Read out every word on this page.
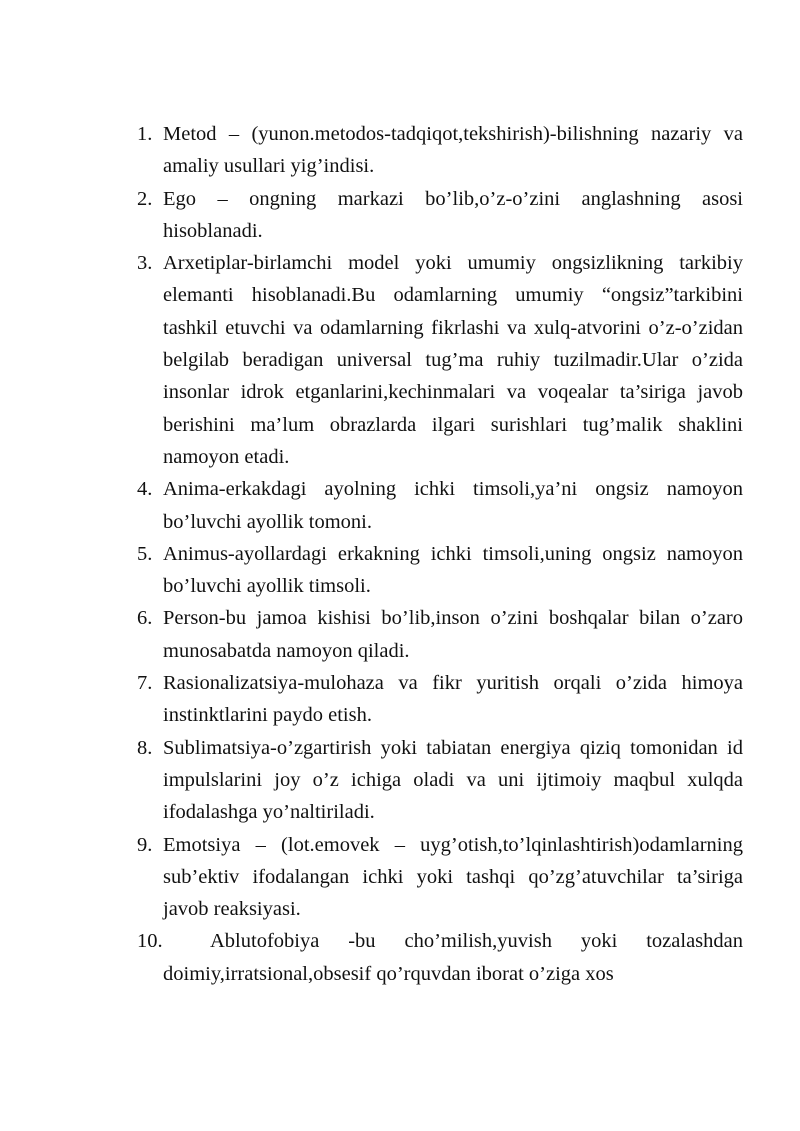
1. Metod – (yunon.metodos-tadqiqot,tekshirish)-bilishning nazariy va amaliy usullari yig’indisi.
2. Ego – ongning markazi bo’lib,o’z-o’zini anglashning asosi hisoblanadi.
3. Arxetiplar-birlamchi model yoki umumiy ongsizlikning tarkibiy elemanti hisoblanadi.Bu odamlarning umumiy “ongsiz”tarkibini tashkil etuvchi va odamlarning fikrlashi va xulq-atvorini o’z-o’zidan belgilab beradigan universal tug’ma ruhiy tuzilmadir.Ular o’zida insonlar idrok etganlarini,kechinmalari va voqealar ta’siriga javob berishini ma’lum obrazlarda ilgari surishlari tug’malik shaklini namoyon etadi.
4. Anima-erkakdagi ayolning ichki timsoli,ya’ni ongsiz namoyon bo’luvchi ayollik tomoni.
5. Animus-ayollardagi erkakning ichki timsoli,uning ongsiz namoyon bo’luvchi ayollik timsoli.
6. Person-bu jamoa kishisi bo’lib,inson o’zini boshqalar bilan o’zaro munosabatda namoyon qiladi.
7. Rasionalizatsiya-mulohaza va fikr yuritish orqali o’zida himoya instinktlarini paydo etish.
8. Sublimatsiya-o’zgartirish yoki tabiatan energiya qiziq tomonidan id impulslarini joy o’z ichiga oladi va uni ijtimoiy maqbul xulqda ifodalashga yo’naltiriladi.
9. Emotsiya – (lot.emovek – uyg’otish,to’lqinlashtirish)odamlarning sub’ektiv ifodalangan ichki yoki tashqi qo’zg’atuvchilar ta’siriga javob reaksiyasi.
10. Ablutofobiya -bu cho’milish,yuvish yoki tozalashdan doimiy,irratsional,obsesif qo’rquvdan iborat o’ziga xos
